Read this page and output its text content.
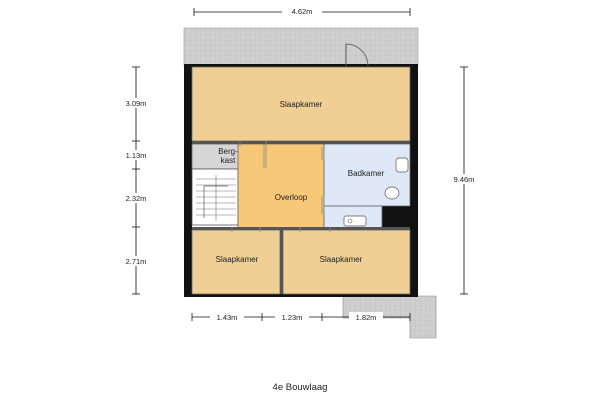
Slaapkamer
Berg-
kast
Overloop
Badkamer
Slaapkamer	Slaapkamer
4.62m
3.09m
1.13m
2.32m
2.71m
9.46m
1.43m	1.23m	1.82m
4e Bouwlaag
